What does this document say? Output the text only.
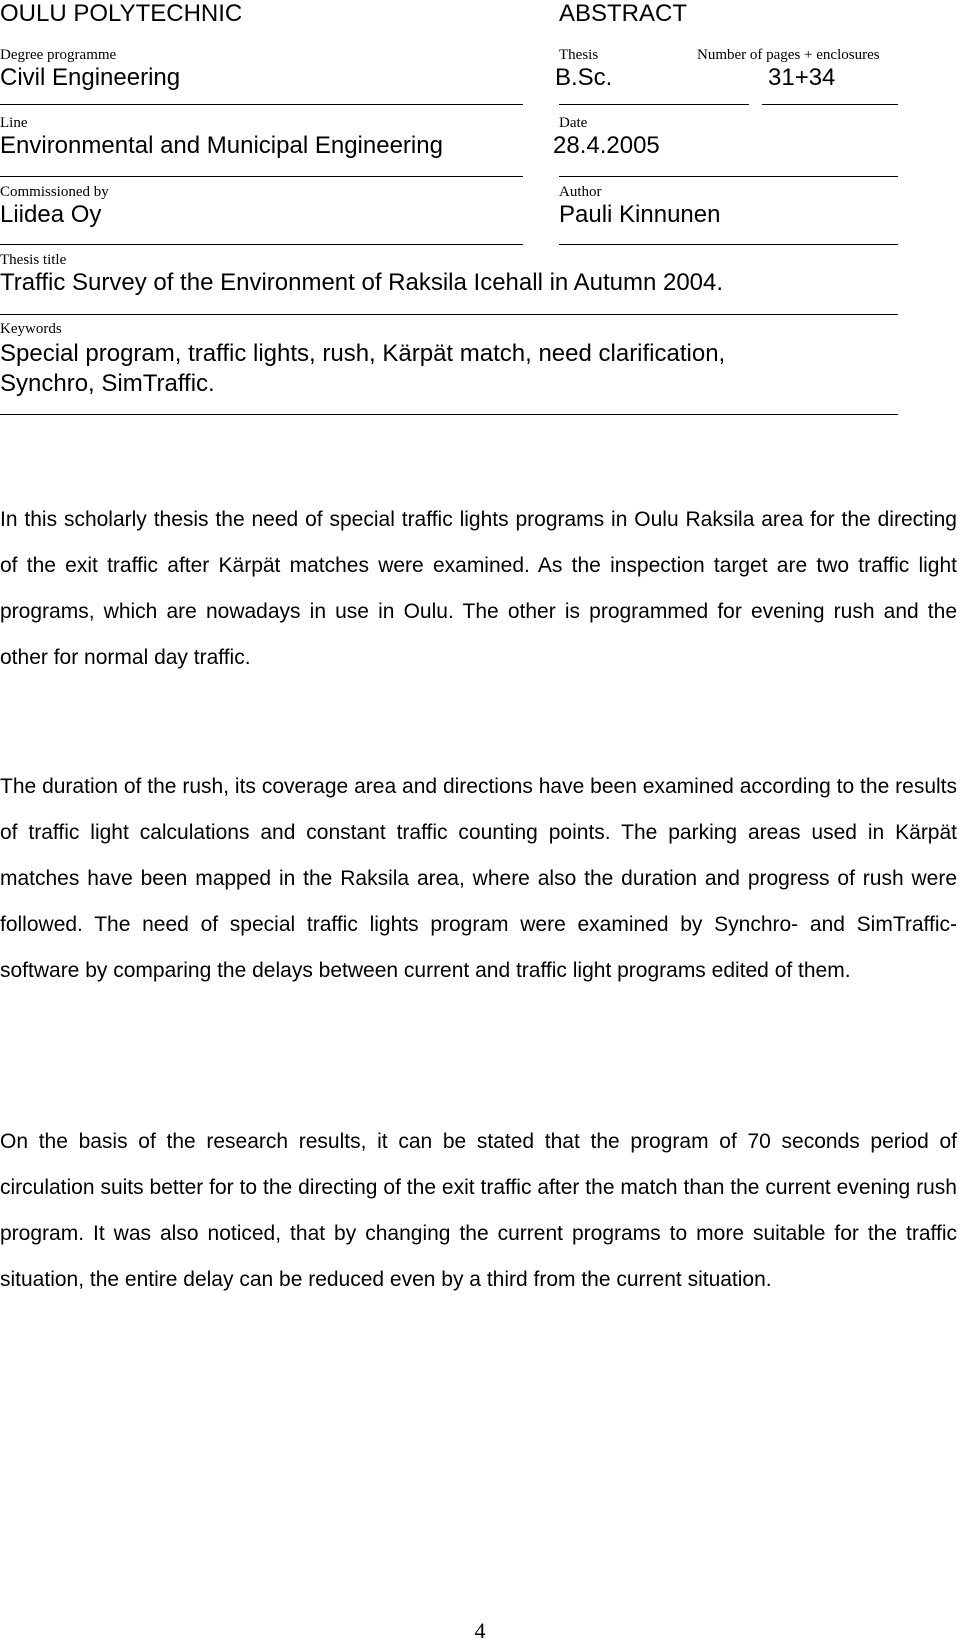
OULU POLYTECHNIC	ABSTRACT
Degree programme	Thesis	Number of pages + enclosures
Civil Engineering	B.Sc.	31+34
Line	Date
Environmental and Municipal Engineering	28.4.2005
Commissioned by	Author
Liidea Oy	Pauli Kinnunen
Thesis title
Traffic Survey of the Environment of Raksila Icehall in Autumn 2004.
Keywords
Special program, traffic lights, rush, Kärpät match, need clarification,
Synchro, SimTraffic.

In this scholarly thesis the need of special traffic lights programs in Oulu Raksila area for the directing of the exit traffic after Kärpät matches were examined. As the inspection target are two traffic light programs, which are nowadays in use in Oulu. The other is programmed for evening rush and the other for normal day traffic.

The duration of the rush, its coverage area and directions have been examined according to the results of traffic light calculations and constant traffic counting points. The parking areas used in Kärpät matches have been mapped in the Raksila area, where also the duration and progress of rush were followed. The need of special traffic lights program were examined by Synchro- and SimTraffic-software by comparing the delays between current and traffic light programs edited of them.

On the basis of the research results, it can be stated that the program of 70 seconds period of circulation suits better for to the directing of the exit traffic after the match than the current evening rush program. It was also noticed, that by changing the current programs to more suitable for the traffic situation, the entire delay can be reduced even by a third from the current situation.

4
